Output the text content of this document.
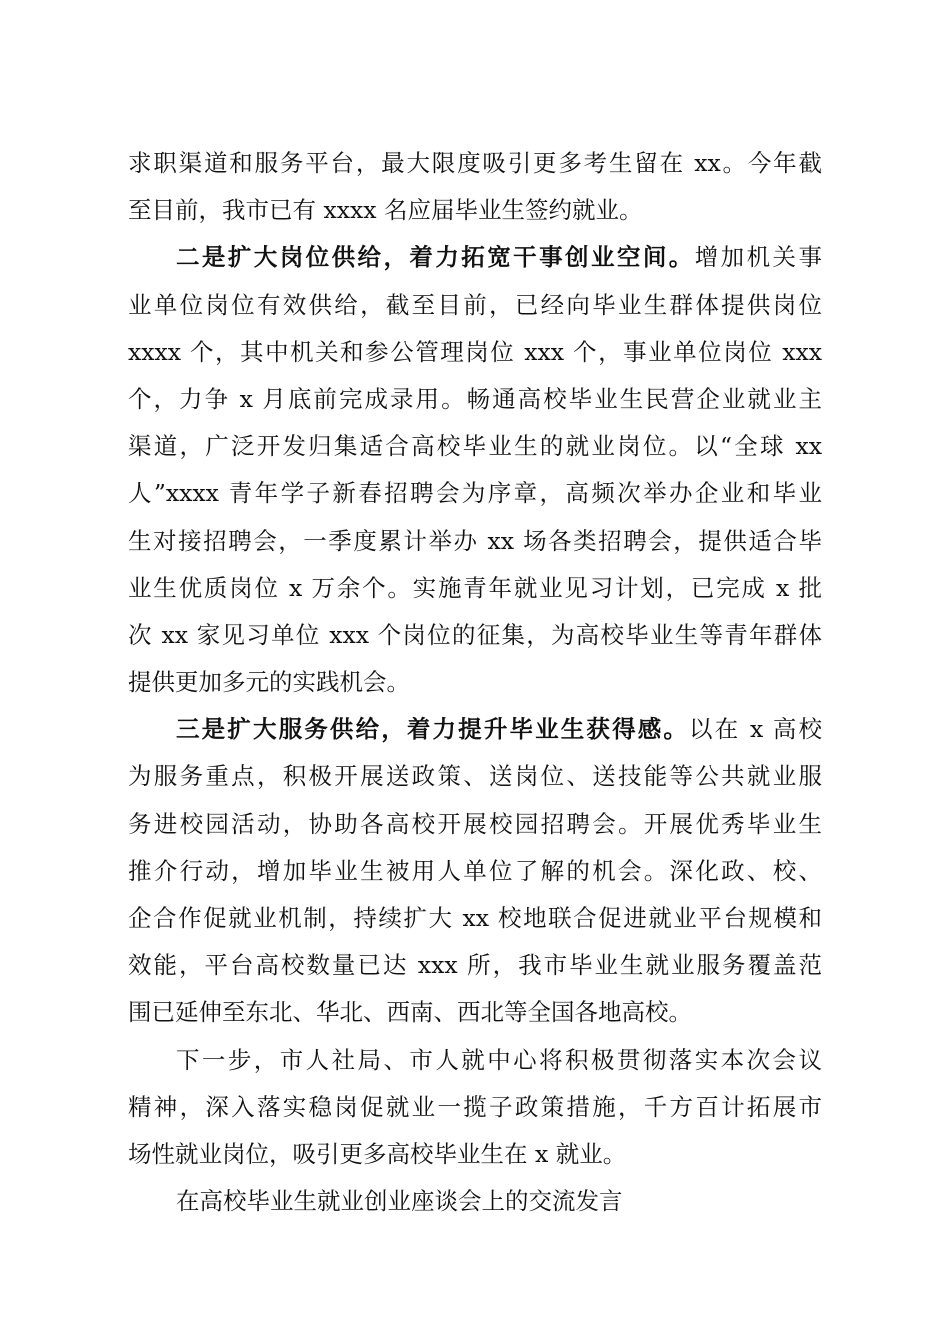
求职渠道和服务平台，最大限度吸引更多考生留在 xx。今年截
至目前，我市已有 xxxx 名应届毕业生签约就业。
二是扩大岗位供给，着力拓宽干事创业空间。增加机关事
业单位岗位有效供给，截至目前，已经向毕业生群体提供岗位
xxxx 个，其中机关和参公管理岗位 xxx 个，事业单位岗位 xxx
个，力争 x 月底前完成录用。畅通高校毕业生民营企业就业主
渠道，广泛开发归集适合高校毕业生的就业岗位。以“全球 xx
人”xxxx 青年学子新春招聘会为序章，高频次举办企业和毕业
生对接招聘会，一季度累计举办 xx 场各类招聘会，提供适合毕
业生优质岗位 x 万余个。实施青年就业见习计划，已完成 x 批
次 xx 家见习单位 xxx 个岗位的征集，为高校毕业生等青年群体
提供更加多元的实践机会。
三是扩大服务供给，着力提升毕业生获得感。以在 x 高校
为服务重点，积极开展送政策、送岗位、送技能等公共就业服
务进校园活动，协助各高校开展校园招聘会。开展优秀毕业生
推介行动，增加毕业生被用人单位了解的机会。深化政、校、
企合作促就业机制，持续扩大 xx 校地联合促进就业平台规模和
效能，平台高校数量已达 xxx 所，我市毕业生就业服务覆盖范
围已延伸至东北、华北、西南、西北等全国各地高校。
下一步，市人社局、市人就中心将积极贯彻落实本次会议
精神，深入落实稳岗促就业一揽子政策措施，千方百计拓展市
场性就业岗位，吸引更多高校毕业生在 x 就业。
在高校毕业生就业创业座谈会上的交流发言
